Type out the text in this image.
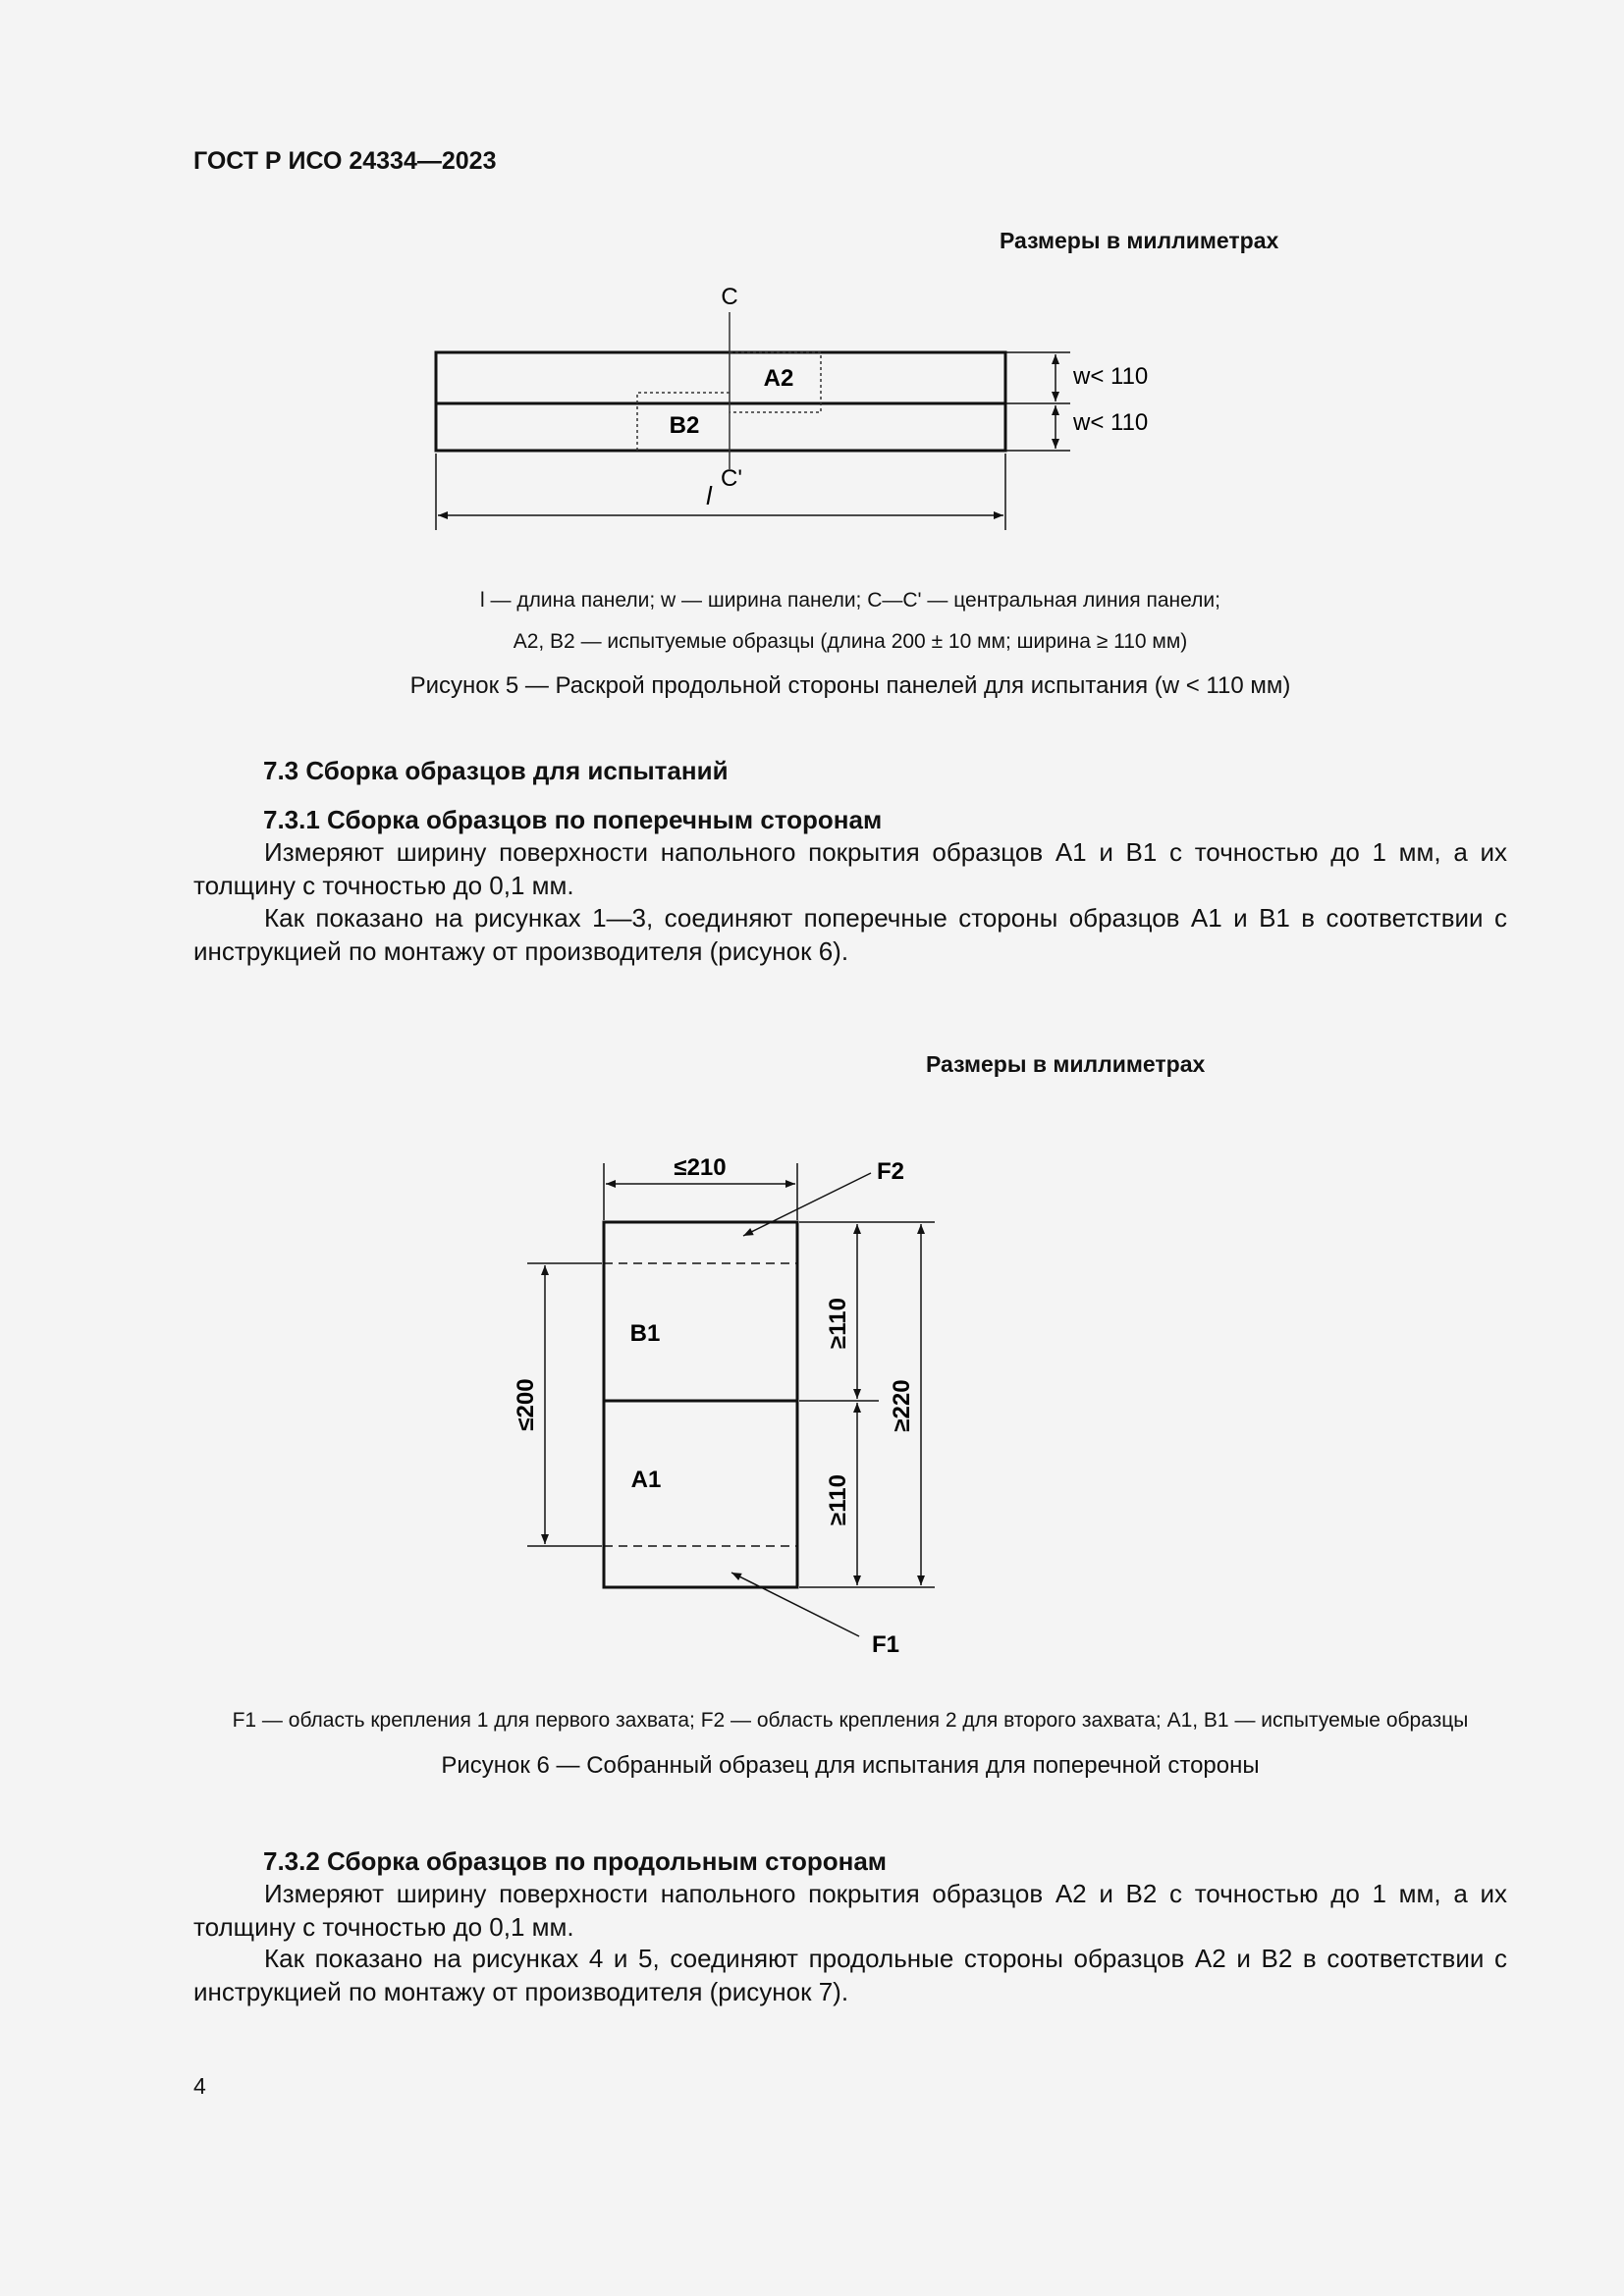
ГОСТ Р ИСО 24334—2023
Размеры в миллиметрах
C
C'
A2
B2
l
w< 110
w< 110
l — длина панели; w — ширина панели; С—С' — центральная линия панели;
A2, B2 — испытуемые образцы (длина 200 ± 10 мм; ширина ≥ 110 мм)
Рисунок 5 — Раскрой продольной стороны панелей для испытания (w < 110 мм)
7.3 Сборка образцов для испытаний
7.3.1 Сборка образцов по поперечным сторонам
Измеряют ширину поверхности напольного покрытия образцов A1 и B1 с точностью до 1 мм, а их толщину с точностью до 0,1 мм.
Как показано на рисунках 1—3, соединяют поперечные стороны образцов A1 и B1 в соответствии с инструкцией по монтажу от производителя (рисунок 6).
Размеры в миллиметрах
≤210	F2
F1
B1
A1
≤200
≥110
≥110
≥220
F1 — область крепления 1 для первого захвата; F2 — область крепления 2 для второго захвата; A1, B1 — испытуемые образцы
Рисунок 6 — Собранный образец для испытания для поперечной стороны
7.3.2 Сборка образцов по продольным сторонам
Измеряют ширину поверхности напольного покрытия образцов A2 и B2 с точностью до 1 мм, а их толщину с точностью до 0,1 мм.
Как показано на рисунках 4 и 5, соединяют продольные стороны образцов A2 и B2 в соответствии с инструкцией по монтажу от производителя (рисунок 7).
4
